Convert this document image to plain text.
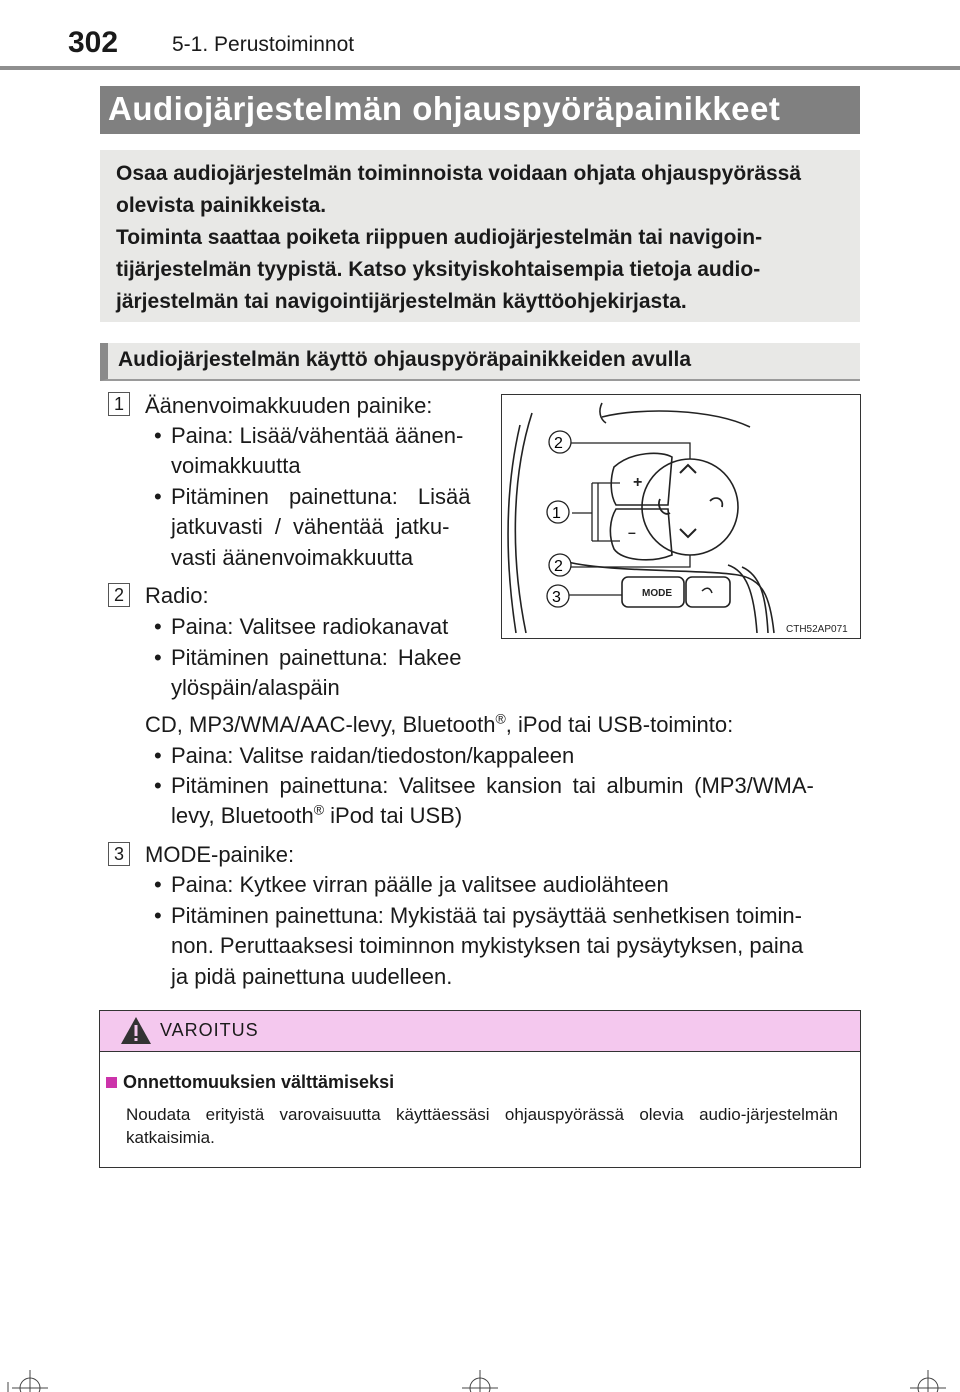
302	5-1. Perustoiminnot
Audiojärjestelmän ohjauspyöräpainikkeet

Osaa audiojärjestelmän toiminnoista voidaan ohjata ohjauspyörässä

olevista painikkeista.

Toiminta saattaa poiketa riippuen audiojärjestelmän tai navigoin-

tijärjestelmän tyypistä. Katso yksityiskohtaisempia tietoja audio-

järjestelmän tai navigointijärjestelmän käyttöohjekirjasta.

Audiojärjestelmän käyttö ohjauspyöräpainikkeiden avulla
1 Äänenvoimakkuuden painike:
• Paina: Lisää/vähentää äänen-
voimakkuutta
• Pitäminen painettuna: Lisää
jatkuvasti / vähentää jatku-
vasti äänenvoimakkuutta
2 Radio:
• Paina: Valitsee radiokanavat
• Pitäminen painettuna: Hakee
ylöspäin/alaspäin
CD, MP3/WMA/AAC-levy, Bluetooth®, iPod tai USB-toiminto:
• Paina: Valitse raidan/tiedoston/kappaleen
• Pitäminen painettuna: Valitsee kansion tai albumin (MP3/WMA-
levy, Bluetooth® iPod tai USB)
3 MODE-painike:
• Paina: Kytkee virran päälle ja valitsee audiolähteen
• Pitäminen painettuna: Mykistää tai pysäyttää senhetkisen toimin-
non. Peruttaaksesi toiminnon mykistyksen tai pysäytyksen, paina
ja pidä painettuna uudelleen.
+
–
MODE
CTH52AP071
2
1
2
3
VAROITUS
Onnettomuuksien välttämiseksi
Noudata erityistä varovaisuutta käyttäessäsi ohjauspyörässä olevia audio-järjestelmän katkaisimia.
